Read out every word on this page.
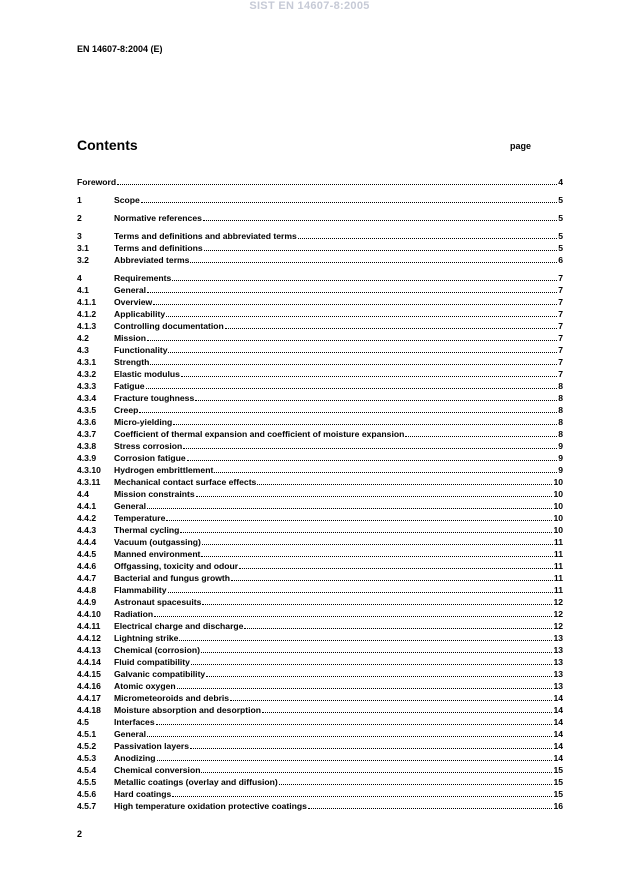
SIST EN 14607-8:2005
EN 14607-8:2004 (E)
Contents	page
Foreword	4
1	Scope	5
2	Normative references	5
3	Terms and definitions and abbreviated terms	5
3.1	Terms and definitions	5
3.2	Abbreviated terms	6
4	Requirements	7
4.1	General	7
4.1.1 Overview	7
4.1.2 Applicability	7
4.1.3 Controlling documentation	7
4.2	Mission	7
4.3	Functionality	7
4.3.1 Strength	7
4.3.2 Elastic modulus	7
4.3.3 Fatigue	8
4.3.4 Fracture toughness	8
4.3.5 Creep	8
4.3.6 Micro-yielding	8
4.3.7 Coefficient of thermal expansion and coefficient of moisture expansion	8
4.3.8 Stress corrosion	9
4.3.9 Corrosion fatigue	9
4.3.10 Hydrogen embrittlement	9
4.3.11 Mechanical contact surface effects	10
4.4	Mission constraints	10
4.4.1 General	10
4.4.2 Temperature	10
4.4.3 Thermal cycling	10
4.4.4 Vacuum (outgassing)	11
4.4.5 Manned environment	11
4.4.6 Offgassing, toxicity and odour	11
4.4.7 Bacterial and fungus growth	11
4.4.8 Flammability	11
4.4.9 Astronaut spacesuits	12
4.4.10 Radiation	12
4.4.11 Electrical charge and discharge	12
4.4.12 Lightning strike	13
4.4.13 Chemical (corrosion)	13
4.4.14 Fluid compatibility	13
4.4.15 Galvanic compatibility	13
4.4.16 Atomic oxygen	13
4.4.17 Micrometeoroids and debris	14
4.4.18 Moisture absorption and desorption	14
4.5	Interfaces	14
4.5.1 General	14
4.5.2 Passivation layers	14
4.5.3 Anodizing	14
4.5.4 Chemical conversion	15
4.5.5 Metallic coatings (overlay and diffusion)	15
4.5.6 Hard coatings	15
4.5.7 High temperature oxidation protective coatings	16
2
